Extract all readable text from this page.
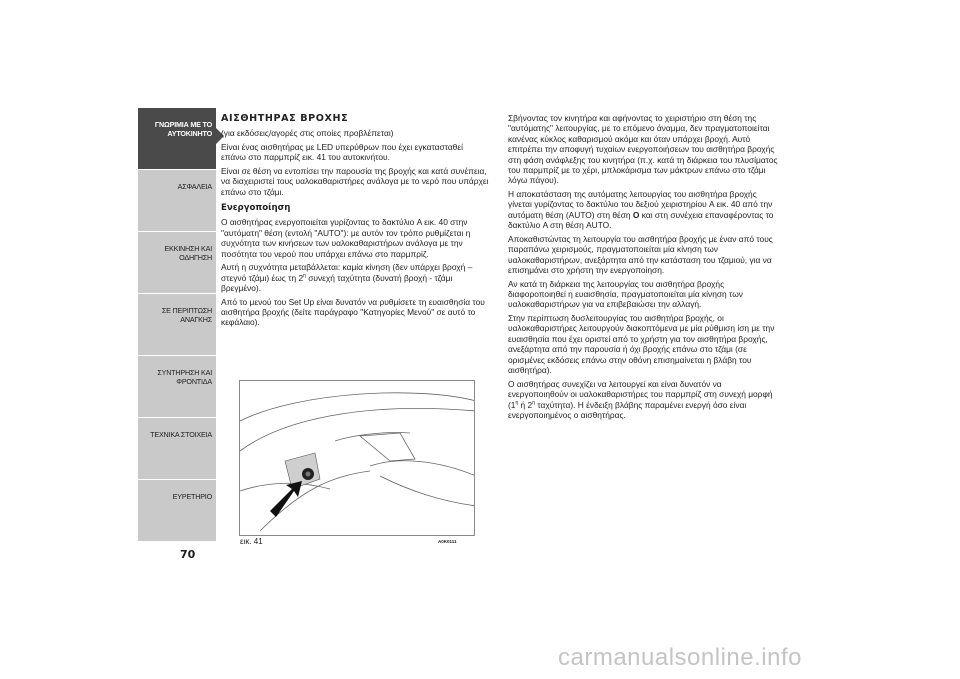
ΓΝΩΡΙΜΙΑ ΜΕ ΤΟ ΑΥΤΟΚΙΝΗΤΟ
ΑΣΦΑΛΕΙΑ
ΕΚΚΙΝΗΣΗ ΚΑΙ ΟΔΗΓΗΣΗ
ΣΕ ΠΕΡΙΠΤΩΣΗ ΑΝΑΓΚΗΣ
ΣΥΝΤΗΡΗΣΗ ΚΑΙ ΦΡΟΝΤΙΔΑ
ΤΕΧΝΙΚΑ ΣΤΟΙΧΕΙΑ
ΕΥΡΕΤΗΡΙΟ
70

ΑΙΣΘΗΤΗΡΑΣ ΒΡΟΧΗΣ

(για εκδόσεις/αγορές στις οποίες προβλέπεται)

Είναι ένας αισθητήρας με LED υπερύθρων που έχει εγκατασταθεί επάνω στο παρμπρίζ εικ. 41 του αυτοκινήτου.

Είναι σε θέση να εντοπίσει την παρουσία της βροχής και κατά συνέπεια, να διαχειριστεί τους υαλοκαθαριστήρες ανάλογα με το νερό που υπάρχει επάνω στο τζάμι.

Ενεργοποίηση

Ο αισθητήρας ενεργοποιείται γυρίζοντας το δακτύλιο A εικ. 40 στην "αυτόματη" θέση (εντολή "AUTO"): με αυτόν τον τρόπο ρυθμίζεται η συχνότητα των κινήσεων των υαλοκαθαριστήρων ανάλογα με την ποσότητα του νερού που υπάρχει επάνω στο παρμπρίζ.

Αυτή η συχνότητα μεταβάλλεται: καμία κίνηση (δεν υπάρχει βροχή – στεγνό τζάμι) έως τη $2^\eta$ συνεχή ταχύτητα (δυνατή βροχή - τζάμι βρεγμένο).

Από το μενού του Set Up είναι δυνατόν να ρυθμίσετε τη ευαισθησία του αισθητήρα βροχής (δείτε παράγραφο "Κατηγορίες Μενού" σε αυτό το κεφάλαιο).

εικ. 41	A0K0111

Σβήνοντας τον κινητήρα και αφήνοντας το χειριστήριο στη θέση της "αυτόματης" λειτουργίας, με το επόμενο άναμμα, δεν πραγματοποιείται κανένας κύκλος καθαρισμού ακόμα και όταν υπάρχει βροχή. Αυτό επιτρέπει την αποφυγή τυχαίων ενεργοποιήσεων του αισθητήρα βροχής στη φάση ανάφλεξης του κινητήρα (π.χ. κατά τη διάρκεια του πλυσίματος του παρμπρίζ με το χέρι, μπλοκάρισμα των μάκτρων επάνω στο τζάμι λόγω πάγου).

Η αποκατάσταση της αυτόματης λειτουργίας του αισθητήρα βροχής γίνεται γυρίζοντας το δακτύλιο του δεξιού χειριστηρίου A εικ. 40 από την αυτόματη θέση (AUTO) στη θέση O και στη συνέχεια επαναφέροντας το δακτύλιο A στη θέση AUTO.

Αποκαθιστώντας τη λειτουργία του αισθητήρα βροχής με έναν από τους παραπάνω χειρισμούς, πραγματοποιείται μία κίνηση των υαλοκαθαριστήρων, ανεξάρτητα από την κατάσταση του τζαμιού, για να επισημάνει στο χρήστη την ενεργοποίηση.

Αν κατά τη διάρκεια της λειτουργίας του αισθητήρα βροχής διαφοροποιηθεί η ευαισθησία, πραγματοποιείται μία κίνηση των υαλοκαθαριστήρων για να επιβεβαιώσει την αλλαγή.

Στην περίπτωση δυσλειτουργίας του αισθητήρα βροχής, οι υαλοκαθαριστήρες λειτουργούν διακοπτόμενα με μία ρύθμιση ίση με την ευαισθησία που έχει οριστεί από το χρήστη για τον αισθητήρα βροχής, ανεξάρτητα από την παρουσία ή όχι βροχής επάνω στο τζάμι (σε ορισμένες εκδόσεις επάνω στην οθόνη επισημαίνεται η βλάβη του αισθητήρα).

Ο αισθητήρας συνεχίζει να λειτουργεί και είναι δυνατόν να ενεργοποιηθούν οι υαλοκαθαριστήρες του παρμπρίζ στη συνεχή μορφή ($1^\eta$ ή $2^\eta$ ταχύτητα). Η ένδειξη βλάβης παραμένει ενεργή όσο είναι ενεργοποιημένος ο αισθητήρας.

carmanualsonline.info
